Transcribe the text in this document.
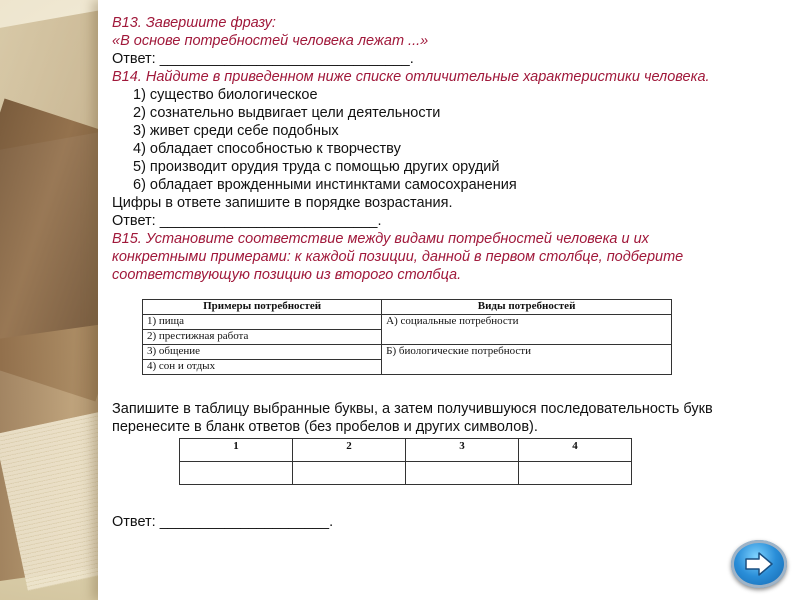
В13. Завершите фразу:
«В основе потребностей человека лежат ...»
Ответ: _______________________________.
В14. Найдите в приведенном ниже списке отличительные характеристики человека.
1) существо биологическое
2) сознательно выдвигает цели деятельности
3) живет среди себе подобных
4) обладает способностью к творчеству
5) производит орудия труда с помощью других орудий
6) обладает врожденными инстинктами самосохранения
Цифры в ответе запишите в порядке возрастания.
Ответ: ___________________________.
В15. Установите соответствие между видами потребностей человека и их
конкретными примерами: к каждой позиции, данной в первом столбце, подберите
соответствующую позицию из второго столбца.
Примеры потребностей	Виды потребностей
1) пища	А) социальные потребности
2) престижная работа	
3) общение	Б) биологические потребности
4) сон и отдых	
Запишите в таблицу выбранные буквы, а затем получившуюся последовательность букв
перенесите в бланк ответов (без пробелов и других символов).
1	2	3	4

Ответ: _____________________.
